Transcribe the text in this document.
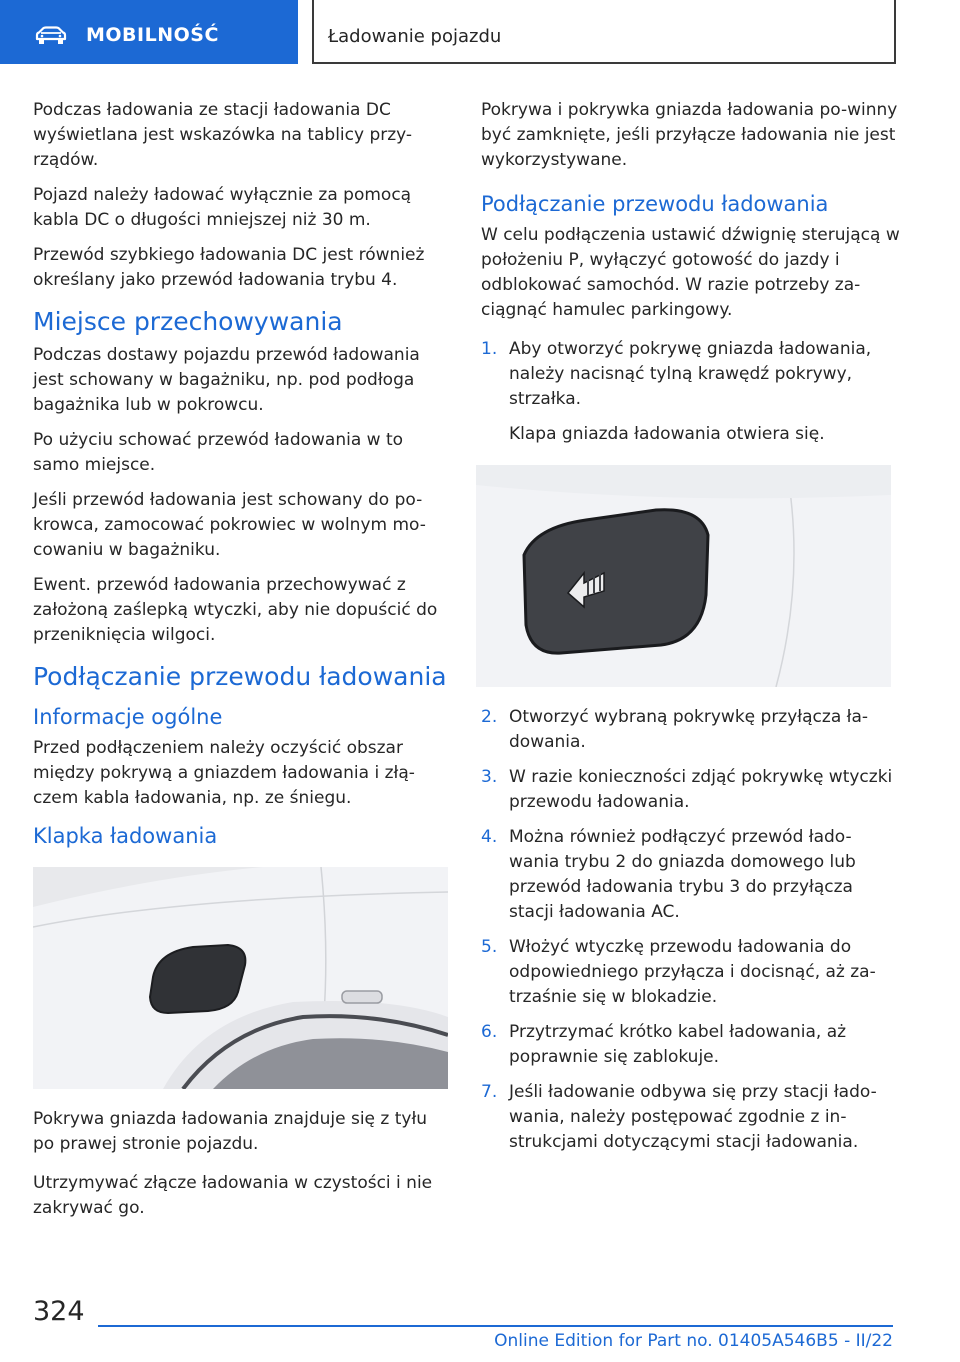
MOBILNOŚĆ	Ładowanie pojazdu

Podczas ładowania ze stacji ładowania DC wyświetlana jest wskazówka na tablicy przy-rządów.

Pojazd należy ładować wyłącznie za pomocą kabla DC o długości mniejszej niż 30 m.

Przewód szybkiego ładowania DC jest również określany jako przewód ładowania trybu 4.

Miejsce przechowywania

Podczas dostawy pojazdu przewód ładowania jest schowany w bagażniku, np. pod podłoga bagażnika lub w pokrowcu.

Po użyciu schować przewód ładowania w to samo miejsce.

Jeśli przewód ładowania jest schowany do po-krowca, zamocować pokrowiec w wolnym mo-cowaniu w bagażniku.

Ewent. przewód ładowania przechowywać z założoną zaślepką wtyczki, aby nie dopuścić do przeniknięcia wilgoci.

Podłączanie przewodu ładowania
Informacje ogólne

Przed podłączeniem należy oczyścić obszar między pokrywą a gniazdem ładowania i złą-czem kabla ładowania, np. ze śniegu.

Klapka ładowania

Pokrywa gniazda ładowania znajduje się z tyłu po prawej stronie pojazdu.

Utrzymywać złącze ładowania w czystości i nie zakrywać go.

Pokrywa i pokrywka gniazda ładowania po-winny być zamknięte, jeśli przyłącze ładowania nie jest wykorzystywane.

Podłączanie przewodu ładowania

W celu podłączenia ustawić dźwignię sterującą w położeniu P, wyłączyć gotowość do jazdy i odblokować samochód. W razie potrzeby za-ciągnąć hamulec parkingowy.

1. Aby otworzyć pokrywę gniazda ładowania, należy nacisnąć tylną krawędź pokrywy, strzałka.
Klapa gniazda ładowania otwiera się.
2. Otworzyć wybraną pokrywkę przyłącza ła-dowania.
3. W razie konieczności zdjąć pokrywkę wtyczki przewodu ładowania.
4. Można również podłączyć przewód łado-wania trybu 2 do gniazda domowego lub przewód ładowania trybu 3 do przyłącza stacji ładowania AC.
5. Włożyć wtyczkę przewodu ładowania do odpowiedniego przyłącza i docisnąć, aż za-trzaśnie się w blokadzie.
6. Przytrzymać krótko kabel ładowania, aż poprawnie się zablokuje.
7. Jeśli ładowanie odbywa się przy stacji łado-wania, należy postępować zgodnie z in-strukcjami dotyczącymi stacji ładowania.
324
Online Edition for Part no. 01405A546B5 - II/22
